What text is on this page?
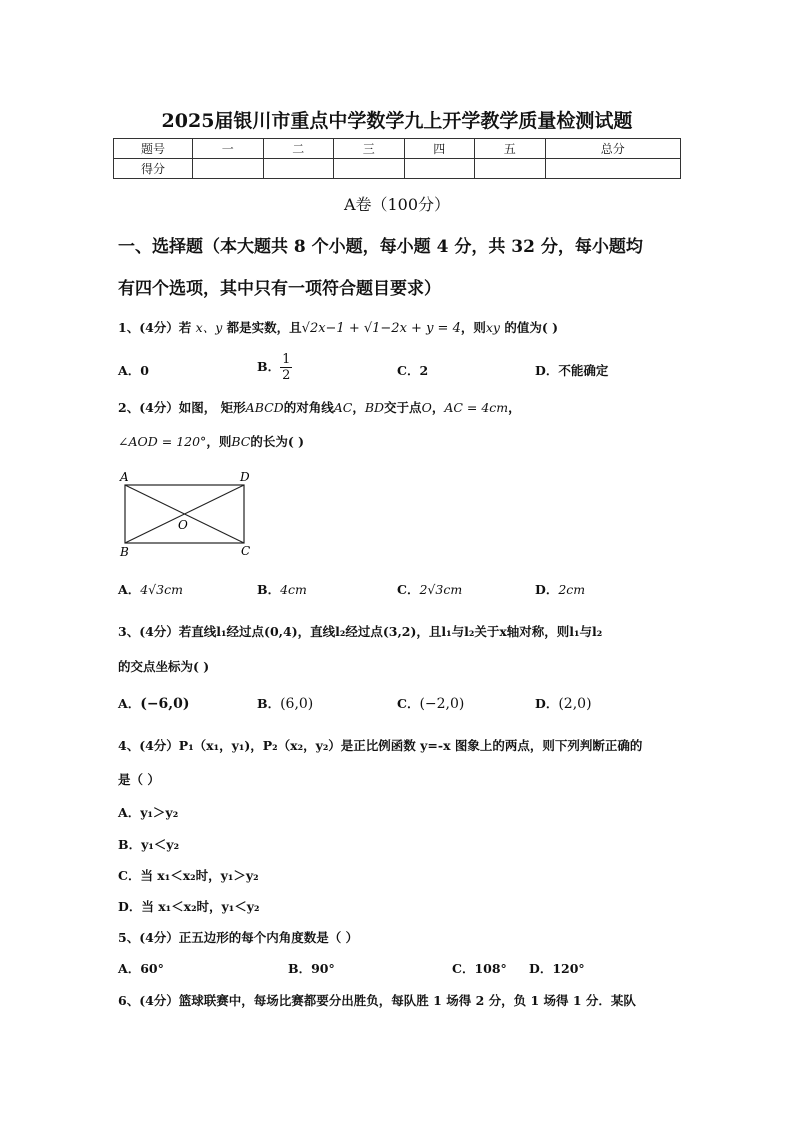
2025届银川市重点中学数学九上开学教学质量检测试题
题号	一	二	三	四	五	总分
得分						
A卷（100分）
一、选择题（本大题共 8 个小题，每小题 4 分，共 32 分，每小题均
有四个选项，其中只有一项符合题目要求）
1、(4分）若 x、y 都是实数，且√2x−1 + √1−2x + y = 4，则xy 的值为( )
A．0	B． $\frac{1}{2}$	C．2	D．不能确定
2、(4分）如图， 矩形ABCD的对角线AC，BD交于点O，AC = 4cm，
∠AOD = 120°，则BC的长为( )
A	D
B	C
O
A．4√3cm	B．4cm	C．2√3cm	D．2cm
3、(4分）若直线l₁经过点(0,4)，直线l₂经过点(3,2)，且l₁与l₂关于x轴对称，则l₁与l₂
的交点坐标为( )
A．(−6,0)	B．(6,0)	C．(−2,0)	D．(2,0)
4、(4分）P₁（x₁，y₁)，P₂（x₂，y₂）是正比例函数 y=-x 图象上的两点，则下列判断正确的
是（ ）
A．y₁＞y₂
B．y₁＜y₂
C．当 x₁＜x₂时，y₁＞y₂
D．当 x₁＜x₂时，y₁＜y₂
5、(4分）正五边形的每个内角度数是（ ）
A．60°	B．90°	C．108° D．120°
6、(4分）篮球联赛中，每场比赛都要分出胜负，每队胜 1 场得 2 分，负 1 场得 1 分．某队
